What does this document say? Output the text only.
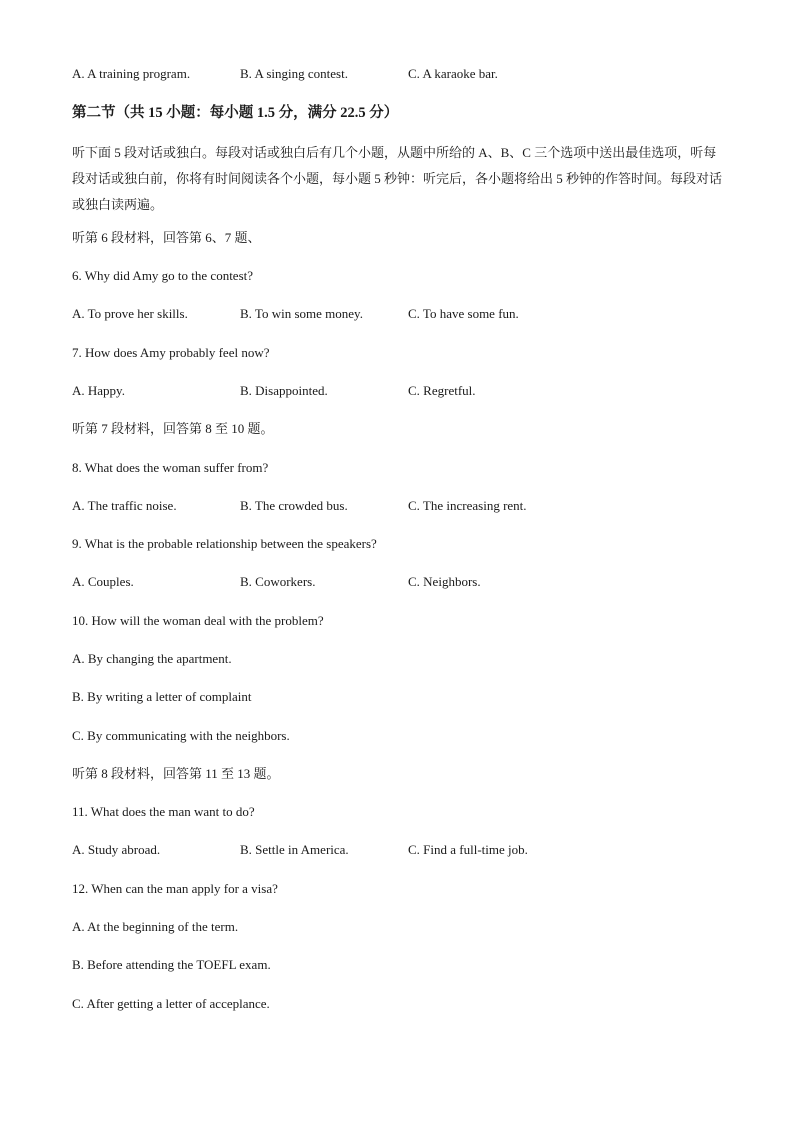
A. A training program.	B. A singing contest.	C. A karaoke bar.
第二节（共 15 小题：每小题 1.5 分，满分 22.5 分）
听下面 5 段对话或独白。每段对话或独白后有几个小题，从题中所给的 A、B、C 三个选项中送出最佳选项，听每段对话或独白前，你将有时间阅读各个小题，每小题 5 秒钟：听完后，各小题将给出 5 秒钟的作答时间。每段对话或独白读两遍。
听第 6 段材料，回答第 6、7 题、
6. Why did Amy go to the contest?
A. To prove her skills.	B. To win some money.	C. To have some fun.
7. How does Amy probably feel now?
A. Happy.	B. Disappointed.	C. Regretful.
听第 7 段材料，回答第 8 至 10 题。
8. What does the woman suffer from?
A. The traffic noise.	B. The crowded bus.	C. The increasing rent.
9. What is the probable relationship between the speakers?
A. Couples.	B. Coworkers.	C. Neighbors.
10. How will the woman deal with the problem?
A. By changing the apartment.
B. By writing a letter of complaint
C. By communicating with the neighbors.
听第 8 段材料，回答第 11 至 13 题。
11. What does the man want to do?
A. Study abroad.	B. Settle in America.	C. Find a full-time job.
12. When can the man apply for a visa?
A. At the beginning of the term.
B. Before attending the TOEFL exam.
C. After getting a letter of acceplance.
